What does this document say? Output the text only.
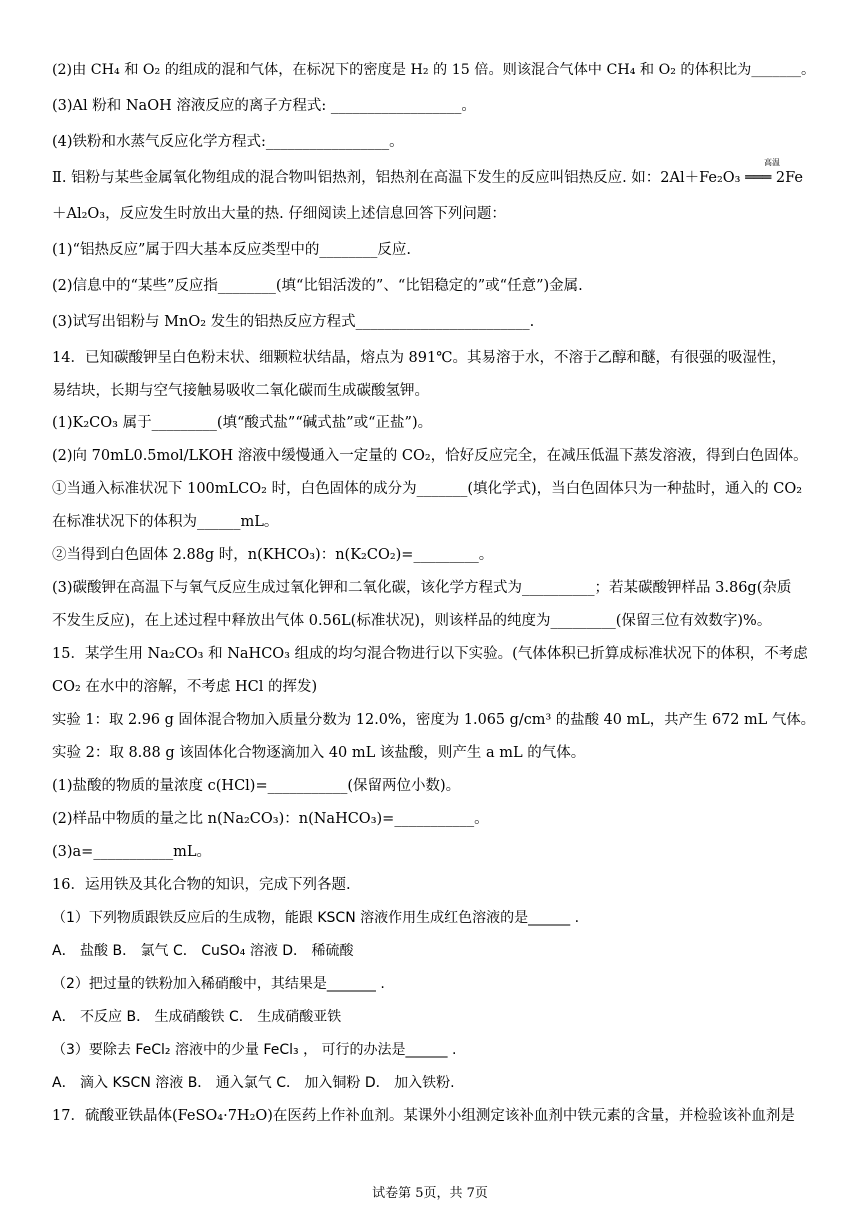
(2)由 CH₄ 和 O₂ 的组成的混和气体，在标况下的密度是 H₂ 的 15 倍。则该混合气体中 CH₄ 和 O₂ 的体积比为_______。
(3)Al 粉和 NaOH 溶液反应的离子方程式: __________________。
(4)铁粉和水蒸气反应化学方程式:_________________。
Ⅱ. 铝粉与某些金属氧化物组成的混合物叫铝热剂，铝热剂在高温下发生的反应叫铝热反应. 如：2Al＋Fe₂O₃ ═══ 2Fe
高温
＋Al₂O₃，反应发生时放出大量的热. 仔细阅读上述信息回答下列问题：
(1)“铝热反应”属于四大基本反应类型中的________反应.
(2)信息中的“某些”反应指________(填“比铝活泼的”、“比铝稳定的”或“任意”)金属.
(3)试写出铝粉与 MnO₂ 发生的铝热反应方程式________________________.
14．已知碳酸钾呈白色粉末状、细颗粒状结晶，熔点为 891℃。其易溶于水，不溶于乙醇和醚，有很强的吸湿性，
易结块，长期与空气接触易吸收二氧化碳而生成碳酸氢钾。
(1)K₂CO₃ 属于_________(填“酸式盐”“碱式盐”或“正盐”)。
(2)向 70mL0.5mol/LKOH 溶液中缓慢通入一定量的 CO₂，恰好反应完全，在减压低温下蒸发溶液，得到白色固体。
①当通入标准状况下 100mLCO₂ 时，白色固体的成分为_______(填化学式)，当白色固体只为一种盐时，通入的 CO₂
在标准状况下的体积为______mL。
②当得到白色固体 2.88g 时，n(KHCO₃)：n(K₂CO₂)=_________。
(3)碳酸钾在高温下与氧气反应生成过氧化钾和二氧化碳，该化学方程式为__________；若某碳酸钾样品 3.86g(杂质
不发生反应)，在上述过程中释放出气体 0.56L(标准状况)，则该样品的纯度为_________(保留三位有效数字)%。
15．某学生用 Na₂CO₃ 和 NaHCO₃ 组成的均匀混合物进行以下实验。(气体体积已折算成标准状况下的体积，不考虑
CO₂ 在水中的溶解，不考虑 HCl 的挥发)
实验 1：取 2.96 g 固体混合物加入质量分数为 12.0%，密度为 1.065 g/cm³ 的盐酸 40 mL，共产生 672 mL 气体。
实验 2：取 8.88 g 该固体化合物逐滴加入 40 mL 该盐酸，则产生 a mL 的气体。
(1)盐酸的物质的量浓度 c(HCl)=___________(保留两位小数)。
(2)样品中物质的量之比 n(Na₂CO₃)：n(NaHCO₃)=___________。
(3)a=___________mL。
16．运用铁及其化合物的知识，完成下列各题.
（1）下列物质跟铁反应后的生成物，能跟 KSCN 溶液作用生成红色溶液的是______ .
A． 盐酸 B． 氯气 C． CuSO₄ 溶液 D． 稀硫酸
（2）把过量的铁粉加入稀硝酸中，其结果是_______ .
A． 不反应 B． 生成硝酸铁 C． 生成硝酸亚铁
（3）要除去 FeCl₂ 溶液中的少量 FeCl₃ ， 可行的办法是______ .
A． 滴入 KSCN 溶液 B． 通入氯气 C． 加入铜粉 D． 加入铁粉.
17．硫酸亚铁晶体(FeSO₄·7H₂O)在医药上作补血剂。某课外小组测定该补血剂中铁元素的含量，并检验该补血剂是
试卷第 5页，共 7页
